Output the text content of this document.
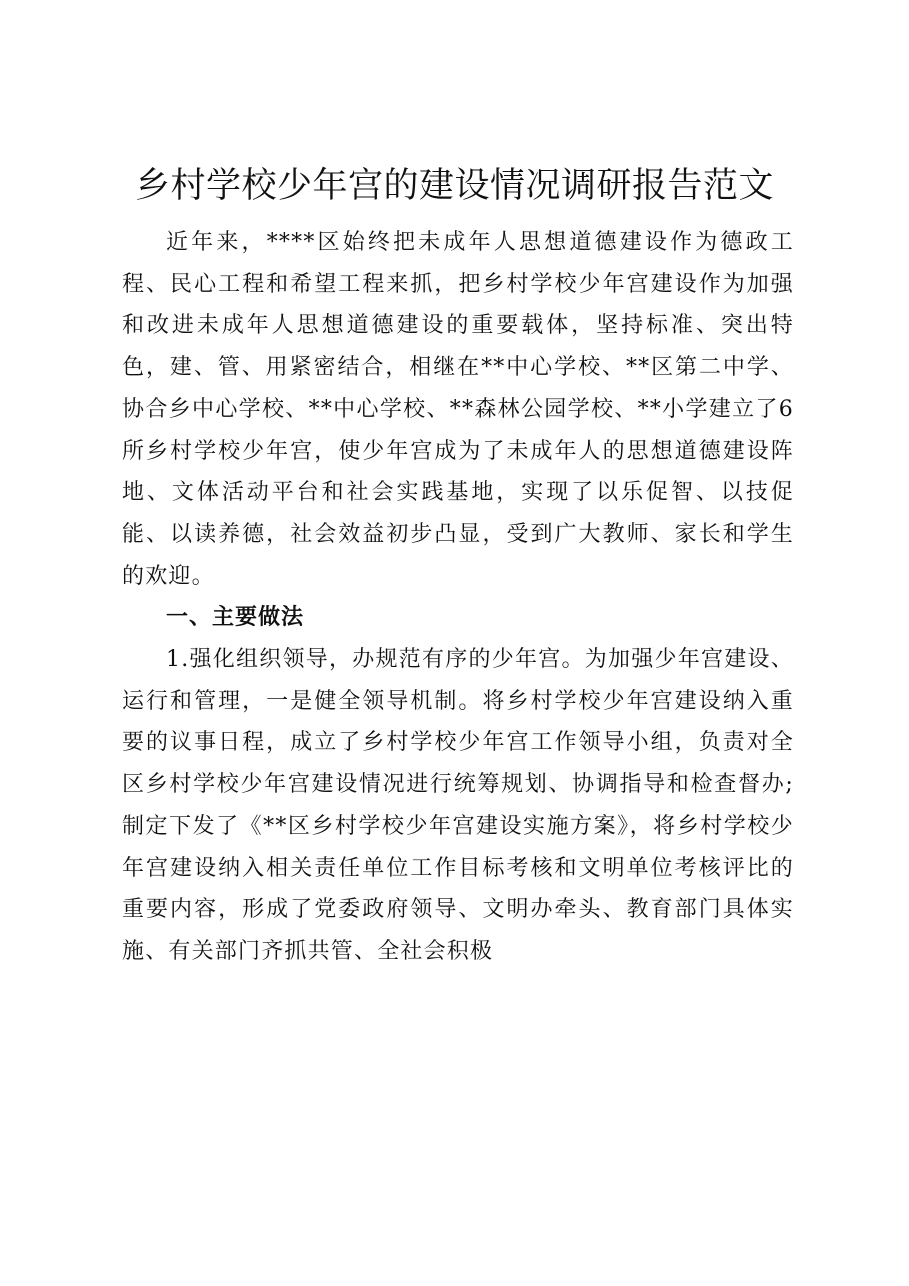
乡村学校少年宫的建设情况调研报告范文

近年来，****区始终把未成年人思想道德建设作为德政工程、民心工程和希望工程来抓，把乡村学校少年宫建设作为加强和改进未成年人思想道德建设的重要载体，坚持标准、突出特色，建、管、用紧密结合，相继在**中心学校、**区第二中学、协合乡中心学校、**中心学校、**森林公园学校、**小学建立了6所乡村学校少年宫，使少年宫成为了未成年人的思想道德建设阵地、文体活动平台和社会实践基地，实现了以乐促智、以技促能、以读养德，社会效益初步凸显，受到广大教师、家长和学生的欢迎。

一、主要做法

1.强化组织领导，办规范有序的少年宫。为加强少年宫建设、运行和管理，一是健全领导机制。将乡村学校少年宫建设纳入重要的议事日程，成立了乡村学校少年宫工作领导小组，负责对全区乡村学校少年宫建设情况进行统筹规划、协调指导和检查督办;制定下发了《**区乡村学校少年宫建设实施方案》，将乡村学校少年宫建设纳入相关责任单位工作目标考核和文明单位考核评比的重要内容，形成了党委政府领导、文明办牵头、教育部门具体实施、有关部门齐抓共管、全社会积极
